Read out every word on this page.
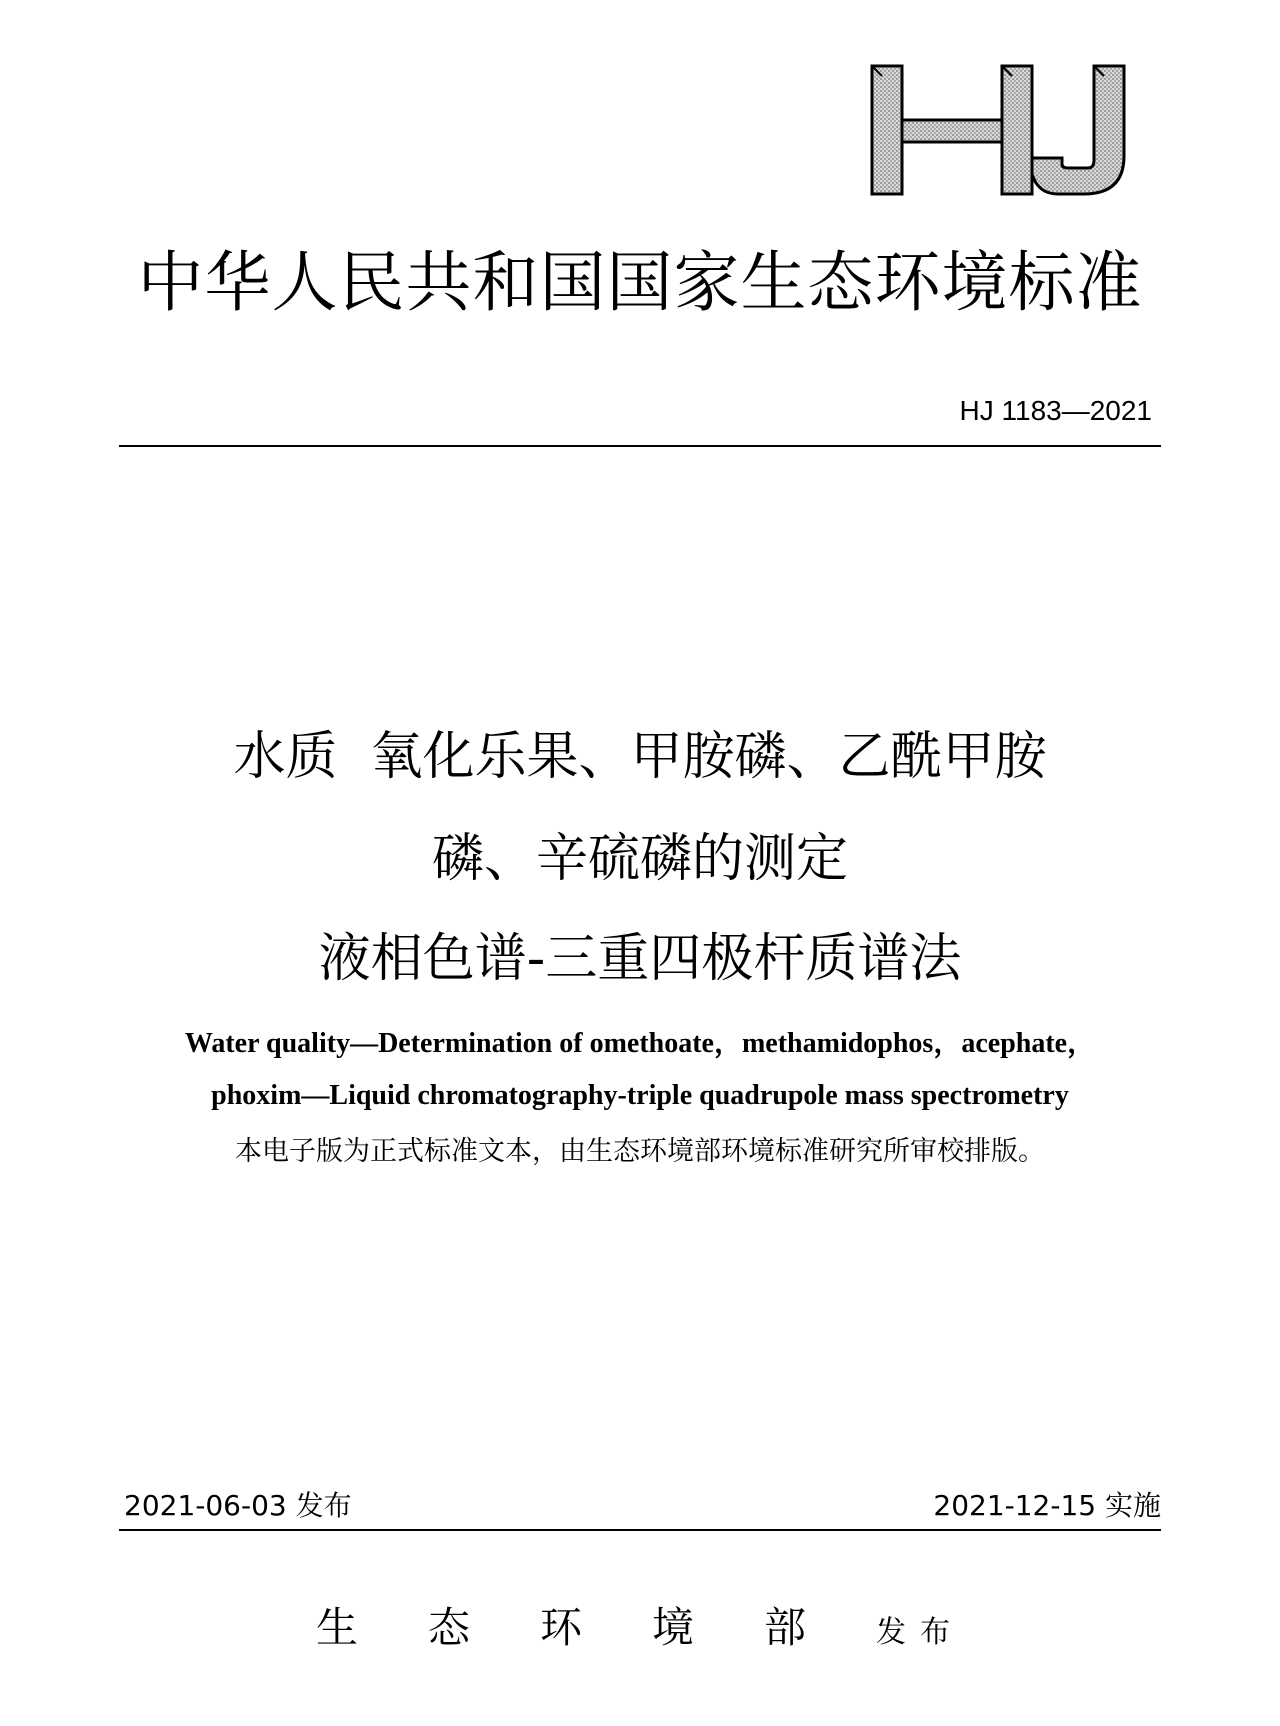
中华人民共和国国家生态环境标准
HJ 1183—2021
水质  氧化乐果、甲胺磷、乙酰甲胺
磷、辛硫磷的测定
液相色谱-三重四极杆质谱法
Water quality—Determination of omethoate，methamidophos，acephate，
phoxim—Liquid chromatography-triple quadrupole mass spectrometry
本电子版为正式标准文本，由生态环境部环境标准研究所审校排版。
2021-06-03 发布	2021-12-15 实施
生态环境部发布
